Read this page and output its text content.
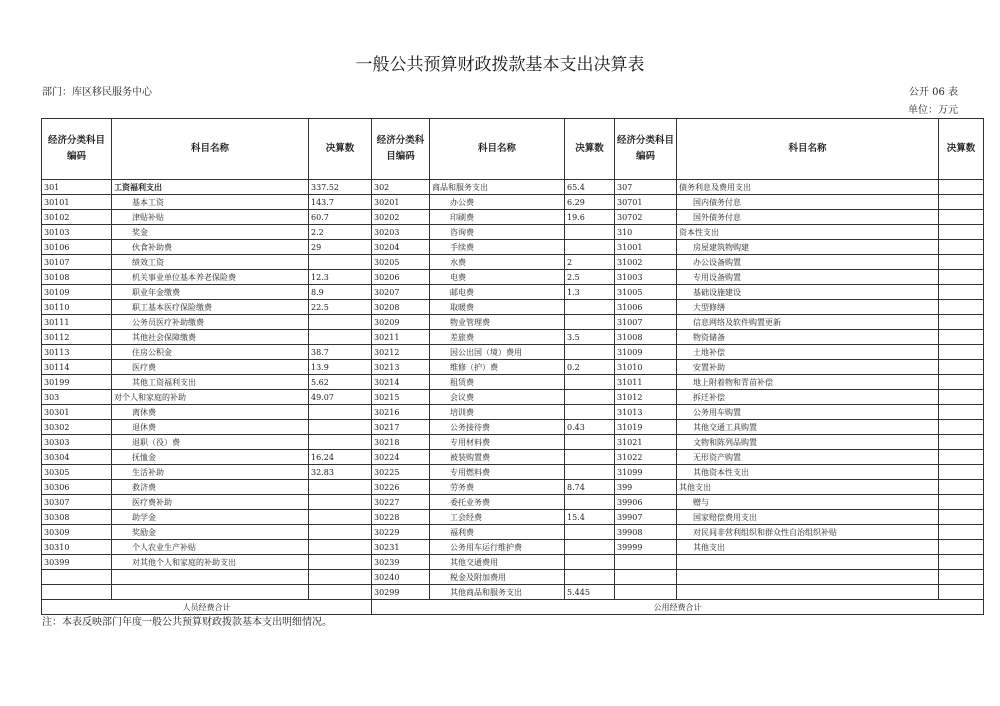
一般公共预算财政拨款基本支出决算表
部门：库区移民服务中心	公开 06 表
单位：万元
经济分类科目编码	科目名称	决算数	经济分类科目编码	科目名称	决算数	经济分类科目编码	科目名称	决算数
301	工资福利支出	337.52	302	商品和服务支出	65.4	307	债务利息及费用支出	
30101	基本工资	143.7	30201	办公费	6.29	30701	国内债务付息	
30102	津贴补贴	60.7	30202	印刷费	19.6	30702	国外债务付息	
30103	奖金	2.2	30203	咨询费		310	资本性支出	
30106	伙食补助费	29	30204	手续费		31001	房屋建筑物购建	
30107	绩效工资		30205	水费	2	31002	办公设备购置	
30108	机关事业单位基本养老保险费	12.3	30206	电费	2.5	31003	专用设备购置	
30109	职业年金缴费	8.9	30207	邮电费	1.3	31005	基础设施建设	
30110	职工基本医疗保险缴费	22.5	30208	取暖费		31006	大型修缮	
30111	公务员医疗补助缴费		30209	物业管理费		31007	信息网络及软件购置更新	
30112	其他社会保障缴费		30211	差旅费	3.5	31008	物资储备	
30113	住房公积金	38.7	30212	因公出国（境）费用		31009	土地补偿	
30114	医疗费	13.9	30213	维修（护）费	0.2	31010	安置补助	
30199	其他工资福利支出	5.62	30214	租赁费		31011	地上附着物和青苗补偿	
303	对个人和家庭的补助	49.07	30215	会议费		31012	拆迁补偿	
30301	离休费		30216	培训费		31013	公务用车购置	
30302	退休费		30217	公务接待费	0.43	31019	其他交通工具购置	
30303	退职（役）费		30218	专用材料费		31021	文物和陈列品购置	
30304	抚恤金	16.24	30224	被装购置费		31022	无形资产购置	
30305	生活补助	32.83	30225	专用燃料费		31099	其他资本性支出	
30306	救济费		30226	劳务费	8.74	399	其他支出	
30307	医疗费补助		30227	委托业务费		39906	赠与	
30308	助学金		30228	工会经费	15.4	39907	国家赔偿费用支出	
30309	奖励金		30229	福利费		39908	对民间非营利组织和群众性自治组织补贴	
30310	个人农业生产补贴		30231	公务用车运行维护费		39999	其他支出	
30399	对其他个人和家庭的补助支出		30239	其他交通费用				
			30240	税金及附加费用				
			30299	其他商品和服务支出	5.445			
人员经费合计			公用经费合计					
注：本表反映部门年度一般公共预算财政拨款基本支出明细情况。
